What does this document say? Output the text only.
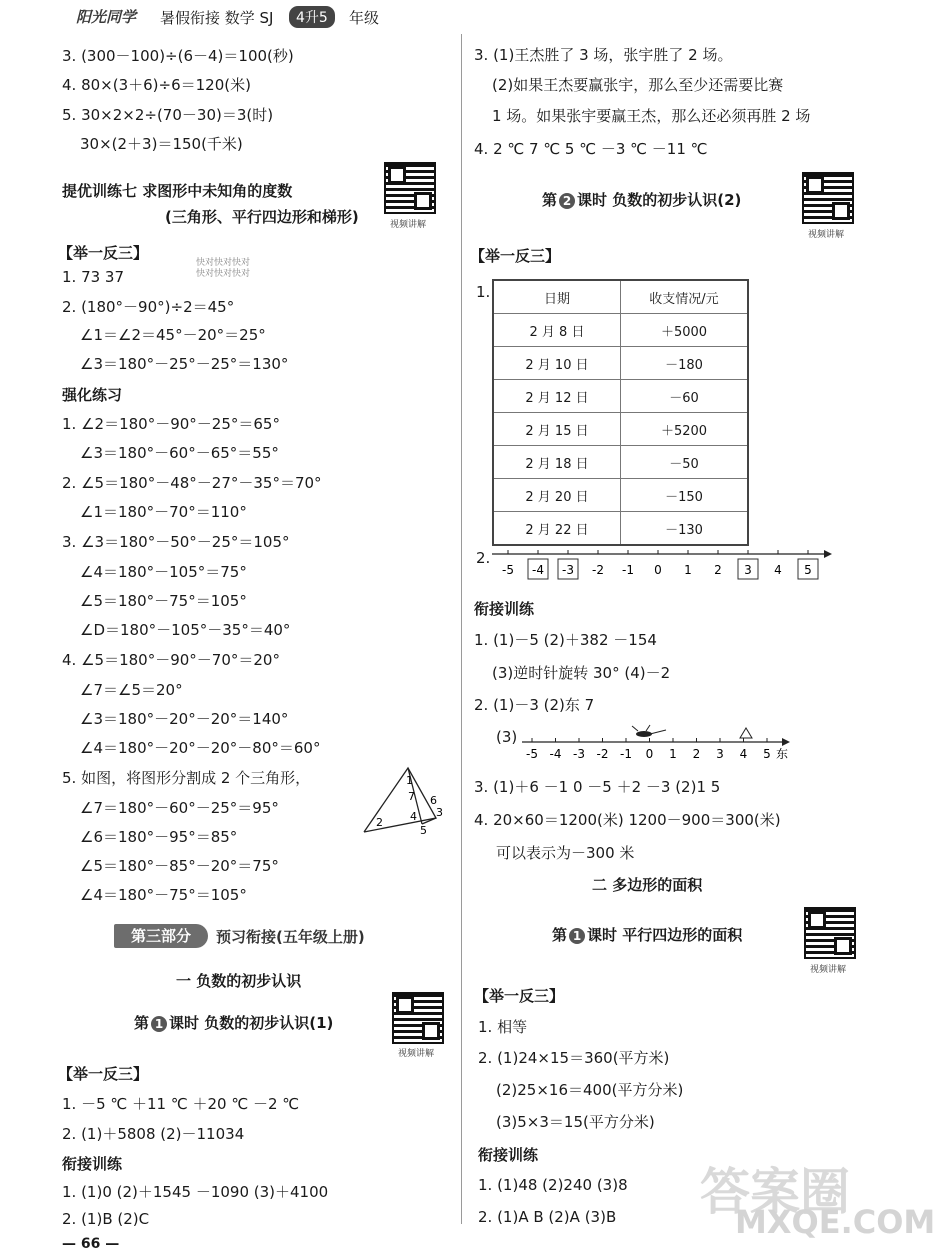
阳光同学 暑假衔接 数学 SJ	4升5	年级
3. (300－100)÷(6－4)＝100(秒)
4. 80×(3＋6)÷6＝120(米)
5. 30×2×2÷(70－30)＝3(时)
30×(2＋3)＝150(千米)
提优训练七 求图形中未知角的度数
(三角形、平行四边形和梯形)	视频讲解
快对快对快对
快对快对快对
【举一反三】
1. 73 37
2. (180°－90°)÷2＝45°
∠1＝∠2＝45°－20°＝25°
∠3＝180°－25°－25°＝130°
强化练习
1. ∠2＝180°－90°－25°＝65°
∠3＝180°－60°－65°＝55°
2. ∠5＝180°－48°－27°－35°＝70°
∠1＝180°－70°＝110°
3. ∠3＝180°－50°－25°＝105°
∠4＝180°－105°＝75°
∠5＝180°－75°＝105°
∠D＝180°－105°－35°＝40°
4. ∠5＝180°－90°－70°＝20°
∠7＝∠5＝20°
∠3＝180°－20°－20°＝140°
∠4＝180°－20°－20°－80°＝60°
5. 如图，将图形分割成 2 个三角形，
∠7＝180°－60°－25°＝95°
∠6＝180°－95°＝85°
∠5＝180°－85°－20°＝75°
∠4＝180°－75°＝105°
1
7 6
3
2 4
5
第三部分	预习衔接(五年级上册)
一 负数的初步认识
第 1 课时 负数的初步认识(1)
视频讲解
【举一反三】
1. －5 ℃ ＋11 ℃ ＋20 ℃ －2 ℃
2. (1)＋5808 (2)－11034
衔接训练
1. (1)0 (2)＋1545 －1090 (3)＋4100
2. (1)B (2)C
— 66 —
3. (1)王杰胜了 3 场，张宇胜了 2 场。
(2)如果王杰要赢张宇，那么至少还需要比赛
1 场。如果张宇要赢王杰，那么还必须再胜 2 场
4. 2 ℃ 7 ℃ 5 ℃ －3 ℃ －11 ℃
第 2 课时 负数的初步认识(2)
视频讲解
【举一反三】
1.	日期	收支情况/元
2 月 8 日	＋5000
2 月 10 日	－180
2 月 12 日	－60
2 月 15 日	＋5200
2 月 18 日	－50
2 月 20 日	－150
2 月 22 日	－130
2.
-5 -4 -3 -2 -1 0 1 2 3 4 5
衔接训练
1. (1)－5 (2)＋382 －154
(3)逆时针旋转 30° (4)－2
2. (1)－3 (2)东 7
(3)
-5 -4 -3 -2 -1 0 1 2 3 4 5 东
3. (1)＋6 －1 0 －5 ＋2 －3 (2)1 5
4. 20×60＝1200(米) 1200－900＝300(米)
可以表示为－300 米
二 多边形的面积
第 1 课时 平行四边形的面积
视频讲解
【举一反三】
1. 相等
2. (1)24×15＝360(平方米)
(2)25×16＝400(平方分米)
(3)5×3＝15(平方分米)
衔接训练
1. (1)48 (2)240 (3)8
2. (1)A B (2)A (3)B 答案圈
MXQE.COM
